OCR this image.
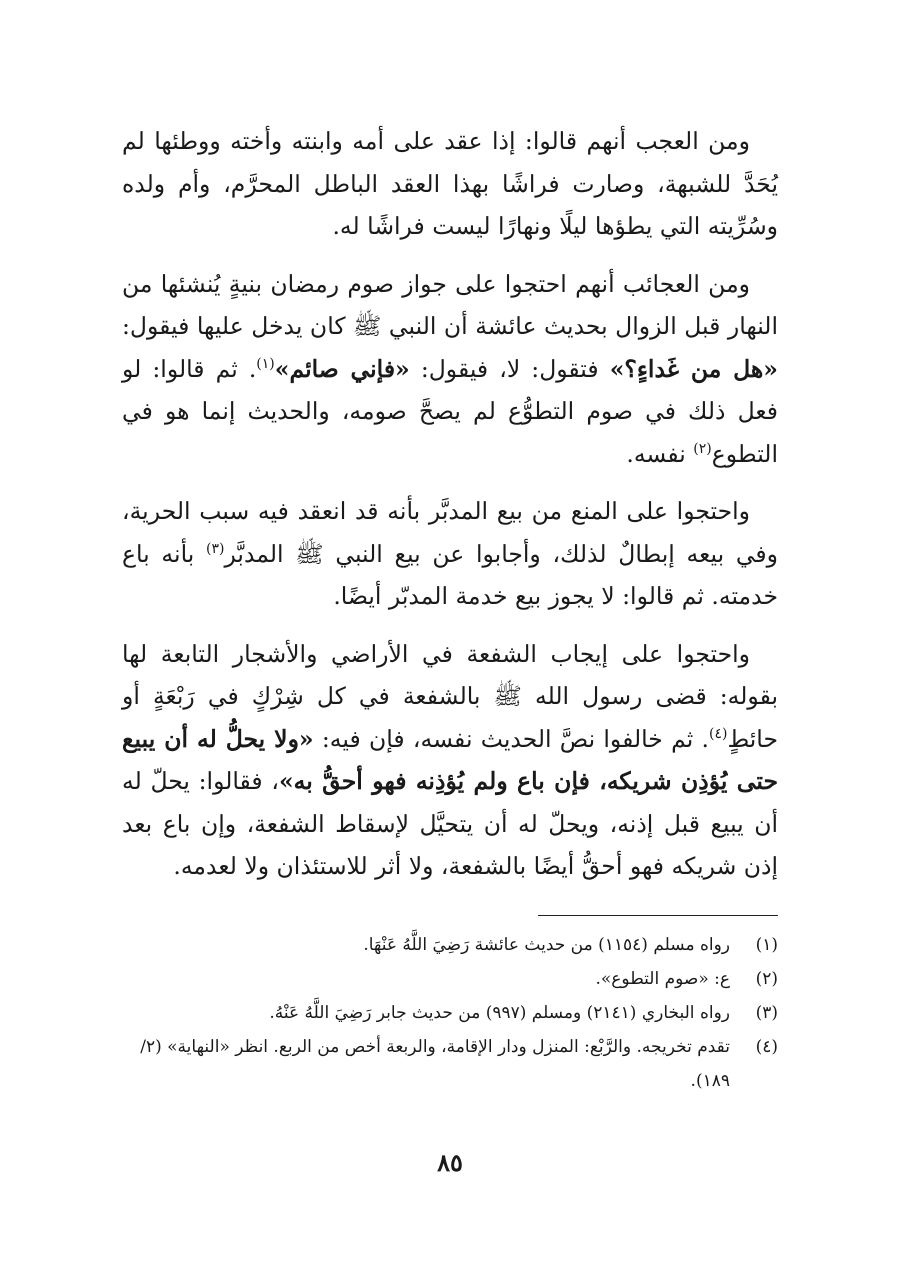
ومن العجب أنهم قالوا: إذا عقد على أمه وابنته وأخته ووطئها لم يُحَدَّ للشبهة، وصارت فراشًا بهذا العقد الباطل المحرَّم، وأم ولده وسُرِّيته التي يطؤها ليلًا ونهارًا ليست فراشًا له.

ومن العجائب أنهم احتجوا على جواز صوم رمضان بنيةٍ يُنشئها من النهار قبل الزوال بحديث عائشة أن النبي ﷺ كان يدخل عليها فيقول: «هل من غَداءٍ؟» فتقول: لا، فيقول: «فإني صائم»$^{(١)}$. ثم قالوا: لو فعل ذلك في صوم التطوُّع لم يصحَّ صومه، والحديث إنما هو في التطوع$^{(٢)}$ نفسه.

واحتجوا على المنع من بيع المدبَّر بأنه قد انعقد فيه سبب الحرية، وفي بيعه إبطالٌ لذلك، وأجابوا عن بيع النبي ﷺ المدبَّر$^{(٣)}$ بأنه باع خدمته. ثم قالوا: لا يجوز بيع خدمة المدبّر أيضًا.

واحتجوا على إيجاب الشفعة في الأراضي والأشجار التابعة لها بقوله: قضى رسول الله ﷺ بالشفعة في كل شِرْكٍ في رَبْعَةٍ أو حائطٍ$^{(٤)}$. ثم خالفوا نصَّ الحديث نفسه، فإن فيه: «ولا يحلُّ له أن يبيع حتى يُؤذِن شريكه، فإن باع ولم يُؤذِنه فهو أحقُّ به»، فقالوا: يحلّ له أن يبيع قبل إذنه، ويحلّ له أن يتحيَّل لإسقاط الشفعة، وإن باع بعد إذن شريكه فهو أحقُّ أيضًا بالشفعة، ولا أثر للاستئذان ولا لعدمه.

(١)
رواه مسلم (١١٥٤) من حديث عائشة رَضِيَ اللَّهُ عَنْهَا.
(٢)
ع: «صوم التطوع».
(٣)
رواه البخاري (٢١٤١) ومسلم (٩٩٧) من حديث جابر رَضِيَ اللَّهُ عَنْهُ.
(٤)
تقدم تخريجه. والرَّبْع: المنزل ودار الإقامة، والربعة أخص من الربع. انظر «النهاية» (٢/ ١٨٩).
٨٥
